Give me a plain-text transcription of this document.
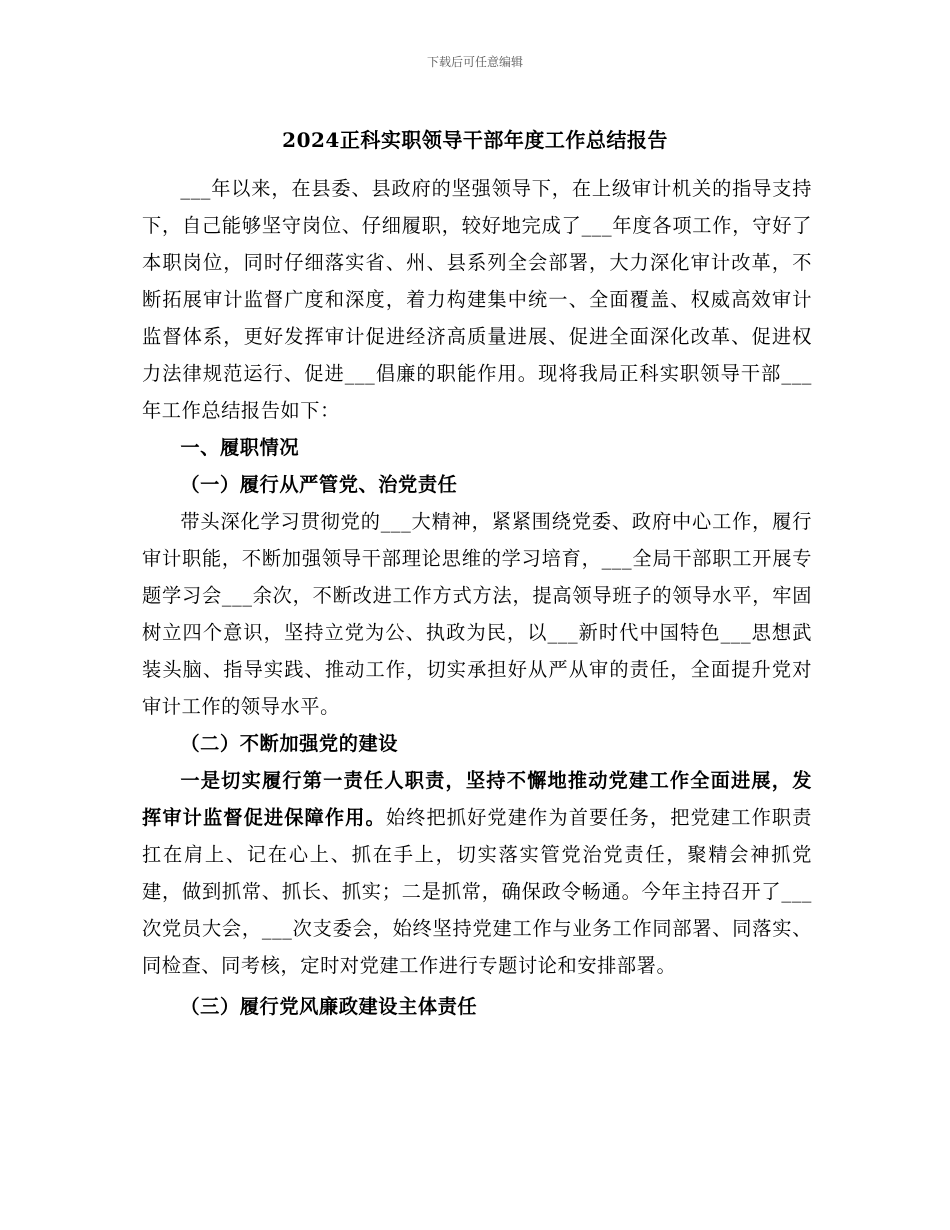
下载后可任意编辑
2024正科实职领导干部年度工作总结报告

___年以来，在县委、县政府的坚强领导下，在上级审计机关的指导支持下，自己能够坚守岗位、仔细履职，较好地完成了___年度各项工作，守好了本职岗位，同时仔细落实省、州、县系列全会部署，大力深化审计改革，不断拓展审计监督广度和深度，着力构建集中统一、全面覆盖、权威高效审计监督体系，更好发挥审计促进经济高质量进展、促进全面深化改革、促进权力法律规范运行、促进___倡廉的职能作用。现将我局正科实职领导干部___年工作总结报告如下：

一、履职情况

（一）履行从严管党、治党责任

带头深化学习贯彻党的___大精神，紧紧围绕党委、政府中心工作，履行审计职能，不断加强领导干部理论思维的学习培育，___全局干部职工开展专题学习会___余次，不断改进工作方式方法，提高领导班子的领导水平，牢固树立四个意识，坚持立党为公、执政为民，以___新时代中国特色___思想武装头脑、指导实践、推动工作，切实承担好从严从审的责任，全面提升党对审计工作的领导水平。

（二）不断加强党的建设

一是切实履行第一责任人职责，坚持不懈地推动党建工作全面进展，发挥审计监督促进保障作用。始终把抓好党建作为首要任务，把党建工作职责扛在肩上、记在心上、抓在手上，切实落实管党治党责任，聚精会神抓党建，做到抓常、抓长、抓实；二是抓常，确保政令畅通。今年主持召开了___次党员大会，___次支委会，始终坚持党建工作与业务工作同部署、同落实、同检查、同考核，定时对党建工作进行专题讨论和安排部署。

（三）履行党风廉政建设主体责任
